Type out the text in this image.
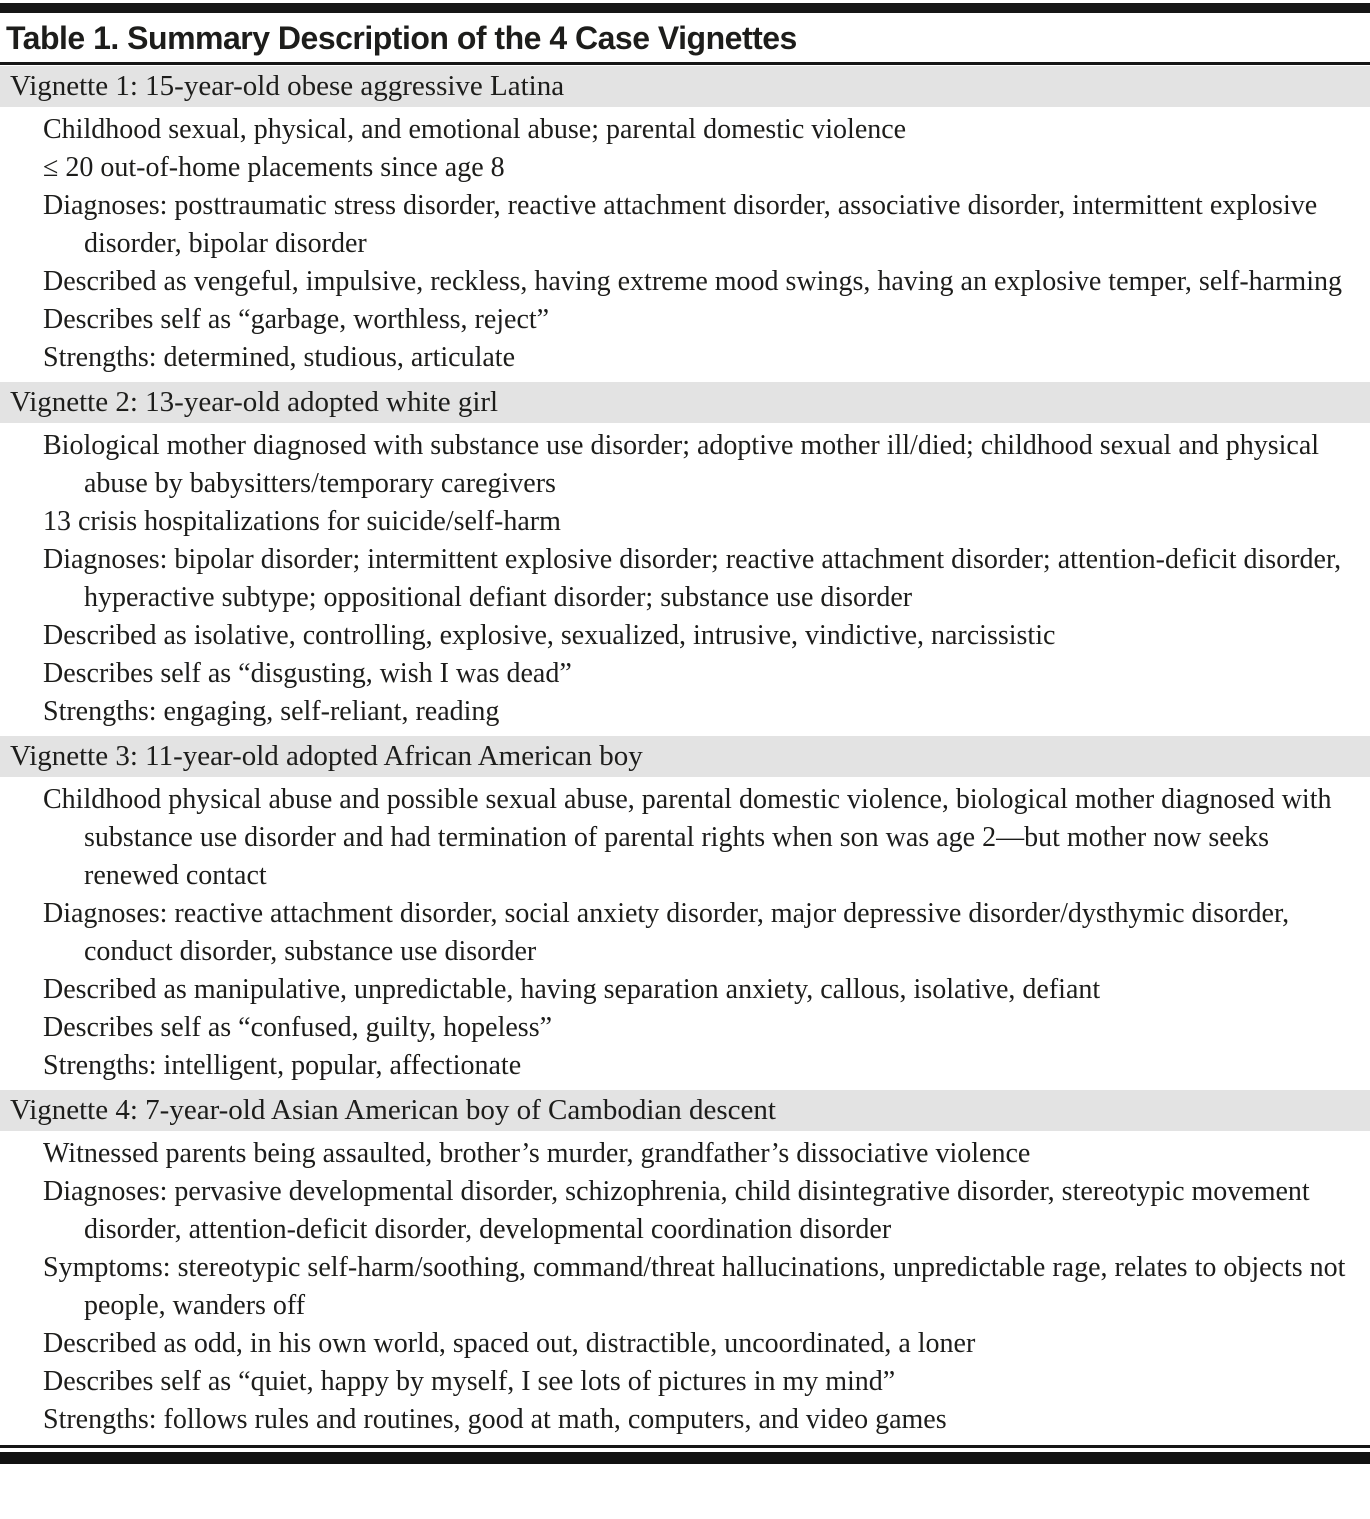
Table 1. Summary Description of the 4 Case Vignettes
Vignette 1: 15-year-old obese aggressive Latina

Childhood sexual, physical, and emotional abuse; parental domestic violence

≤ 20 out-of-home placements since age 8

Diagnoses: posttraumatic stress disorder, reactive attachment disorder, associative disorder, intermittent explosive disorder, bipolar disorder

Described as vengeful, impulsive, reckless, having extreme mood swings, having an explosive temper, self-harming

Describes self as “garbage, worthless, reject”

Strengths: determined, studious, articulate

Vignette 2: 13-year-old adopted white girl

Biological mother diagnosed with substance use disorder; adoptive mother ill/died; childhood sexual and physical abuse by babysitters/temporary caregivers

13 crisis hospitalizations for suicide/self-harm

Diagnoses: bipolar disorder; intermittent explosive disorder; reactive attachment disorder; attention-deficit disorder, hyperactive subtype; oppositional defiant disorder; substance use disorder

Described as isolative, controlling, explosive, sexualized, intrusive, vindictive, narcissistic

Describes self as “disgusting, wish I was dead”

Strengths: engaging, self-reliant, reading

Vignette 3: 11-year-old adopted African American boy

Childhood physical abuse and possible sexual abuse, parental domestic violence, biological mother diagnosed with substance use disorder and had termination of parental rights when son was age 2—but mother now seeks renewed contact

Diagnoses: reactive attachment disorder, social anxiety disorder, major depressive disorder/dysthymic disorder, conduct disorder, substance use disorder

Described as manipulative, unpredictable, having separation anxiety, callous, isolative, defiant

Describes self as “confused, guilty, hopeless”

Strengths: intelligent, popular, affectionate

Vignette 4: 7-year-old Asian American boy of Cambodian descent

Witnessed parents being assaulted, brother’s murder, grandfather’s dissociative violence

Diagnoses: pervasive developmental disorder, schizophrenia, child disintegrative disorder, stereotypic movement disorder, attention-deficit disorder, developmental coordination disorder

Symptoms: stereotypic self-harm/soothing, command/threat hallucinations, unpredictable rage, relates to objects not people, wanders off

Described as odd, in his own world, spaced out, distractible, uncoordinated, a loner

Describes self as “quiet, happy by myself, I see lots of pictures in my mind”

Strengths: follows rules and routines, good at math, computers, and video games
